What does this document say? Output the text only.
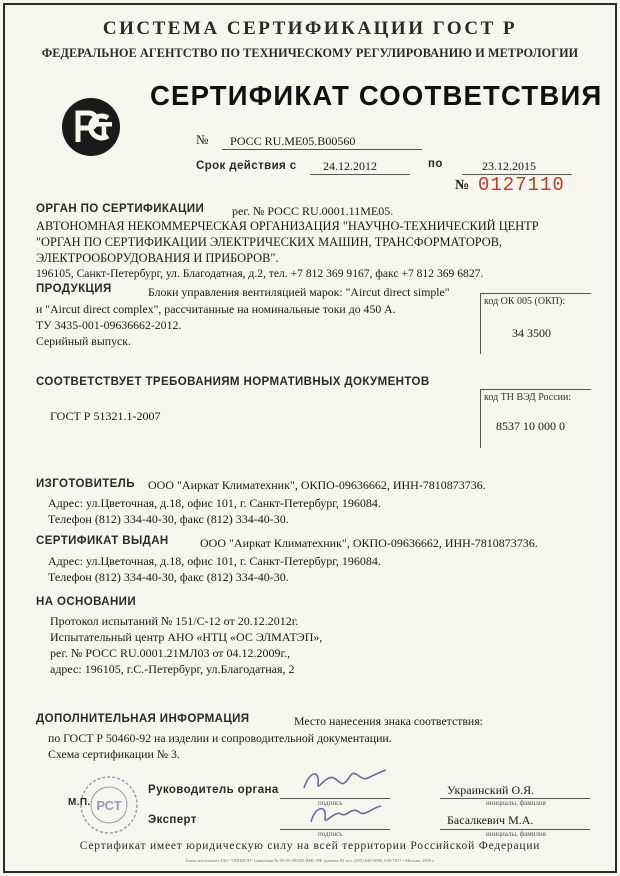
СИСТЕМА СЕРТИФИКАЦИИ ГОСТ Р
ФЕДЕРАЛЬНОЕ АГЕНТСТВО ПО ТЕХНИЧЕСКОМУ РЕГУЛИРОВАНИЮ И МЕТРОЛОГИИ
СЕРТИФИКАТ СООТВЕТСТВИЯ
№ РОСС RU.ME05.B00560
Срок действия с 24.12.2012	по	23.12.2015
№ 0127110
ОРГАН ПО СЕРТИФИКАЦИИ рег. № РОСС RU.0001.11ME05.
АВТОНОМНАЯ НЕКОММЕРЧЕСКАЯ ОРГАНИЗАЦИЯ "НАУЧНО-ТЕХНИЧЕСКИЙ ЦЕНТР
"ОРГАН ПО СЕРТИФИКАЦИИ ЭЛЕКТРИЧЕСКИХ МАШИН, ТРАНСФОРМАТОРОВ,
ЭЛЕКТРООБОРУДОВАНИЯ И ПРИБОРОВ".
196105, Санкт-Петербург, ул. Благодатная, д.2, тел. +7 812 369 9167, факс +7 812 369 6827.
ПРОДУКЦИЯ	Блоки управления вентиляцией марок: "Aircut direct simple"
и "Aircut direct complex", рассчитанные на номинальные токи до 450 А.
ТУ 3435-001-09636662-2012.
Серийный выпуск.
код ОК 005 (ОКП):
34 3500
СООТВЕТСТВУЕТ ТРЕБОВАНИЯМ НОРМАТИВНЫХ ДОКУМЕНТОВ
ГОСТ Р 51321.1-2007
код ТН ВЭД России:
8537 10 000 0
ИЗГОТОВИТЕЛЬ ООО "Аиркат Климатехник", ОКПО-09636662, ИНН-7810873736.
Адрес: ул.Цветочная, д.18, офис 101, г. Санкт-Петербург, 196084.
Телефон (812) 334-40-30, факс (812) 334-40-30.
СЕРТИФИКАТ ВЫДАН	ООО "Аиркат Климатехник", ОКПО-09636662, ИНН-7810873736.
Адрес: ул.Цветочная, д.18, офис 101, г. Санкт-Петербург, 196084.
Телефон (812) 334-40-30, факс (812) 334-40-30.
НА ОСНОВАНИИ
Протокол испытаний № 151/С-12 от 20.12.2012г.
Испытательный центр АНО «НТЦ «ОС ЭЛМАТЭП»,
рег. № РОСС RU.0001.21МЛ03 от 04.12.2009г.,
адрес: 196105, г.С.-Петербург, ул.Благодатная, 2
ДОПОЛНИТЕЛЬНАЯ ИНФОРМАЦИЯ	Место нанесения знака соответствия:
по ГОСТ Р 50460-92 на изделии и сопроводительной документации.
Схема сертификации № 3.
РСТ
М.П.
Руководитель органа
подпись
Украинский О.Я.
инициалы, фамилия
Эксперт
подпись
Басалкевич М.А.
инициалы, фамилия
Сертификат имеет юридическую силу на всей территории Российской Федерации
Бланк изготовлен ЗАО "ОПЦИОН" (лицензия № 05-05-09/003 ФНС РФ уровень В) тел. (495) 648-9080, 648-7817 • Москва, 2009 г.
